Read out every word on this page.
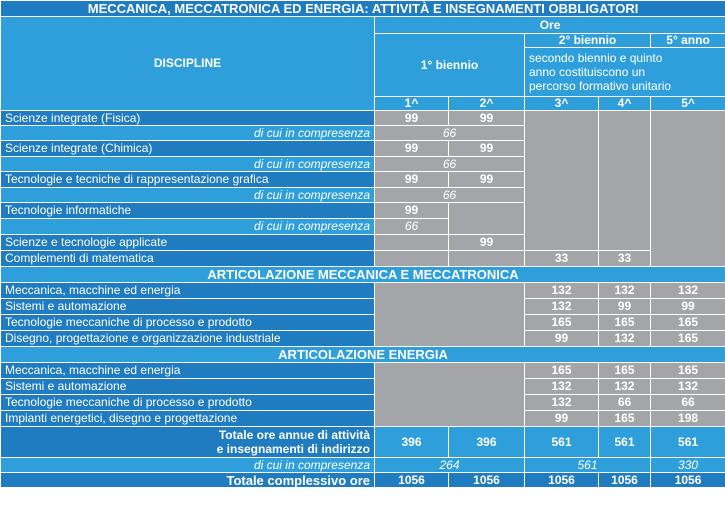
MECCANICA, MECCATRONICA ED ENERGIA: ATTIVITÀ E INSEGNAMENTI OBBLIGATORI					
DISCIPLINE	Ore				
	1° biennio		2° biennio		5° anno

			secondo biennio e quinto
anno costituiscono un
percorso formativo unitario		

	1^	2^	3^	4^	5^
Scienze integrate (Fisica)	99	99			
di cui in compresenza	66				
Scienze integrate (Chimica)	99	99			
di cui in compresenza	66				
Tecnologie e tecniche di rappresentazione grafica	99	99			
di cui in compresenza	66				
Tecnologie informatiche	99				
di cui in compresenza	66				
Scienze e tecnologie applicate		99			
Complementi di matematica			33	33	
ARTICOLAZIONE MECCANICA E MECCATRONICA					
Meccanica, macchine ed energia			132	132	132
Sistemi e automazione			132	99	99
Tecnologie meccaniche di processo e prodotto			165	165	165
Disegno, progettazione e organizzazione industriale			99	132	165
ARTICOLAZIONE ENERGIA					
Meccanica, macchine ed energia			165	165	165
Sistemi e automazione			132	132	132
Tecnologie meccaniche di processo e prodotto			132	66	66
Impianti energetici, disegno e progettazione			99	165	198

Totale ore annue di attività
e insegnamenti di indirizzo	396	396	561	561	561
di cui in compresenza	264		561		330
Totale complessivo ore	1056	1056	1056	1056	1056
